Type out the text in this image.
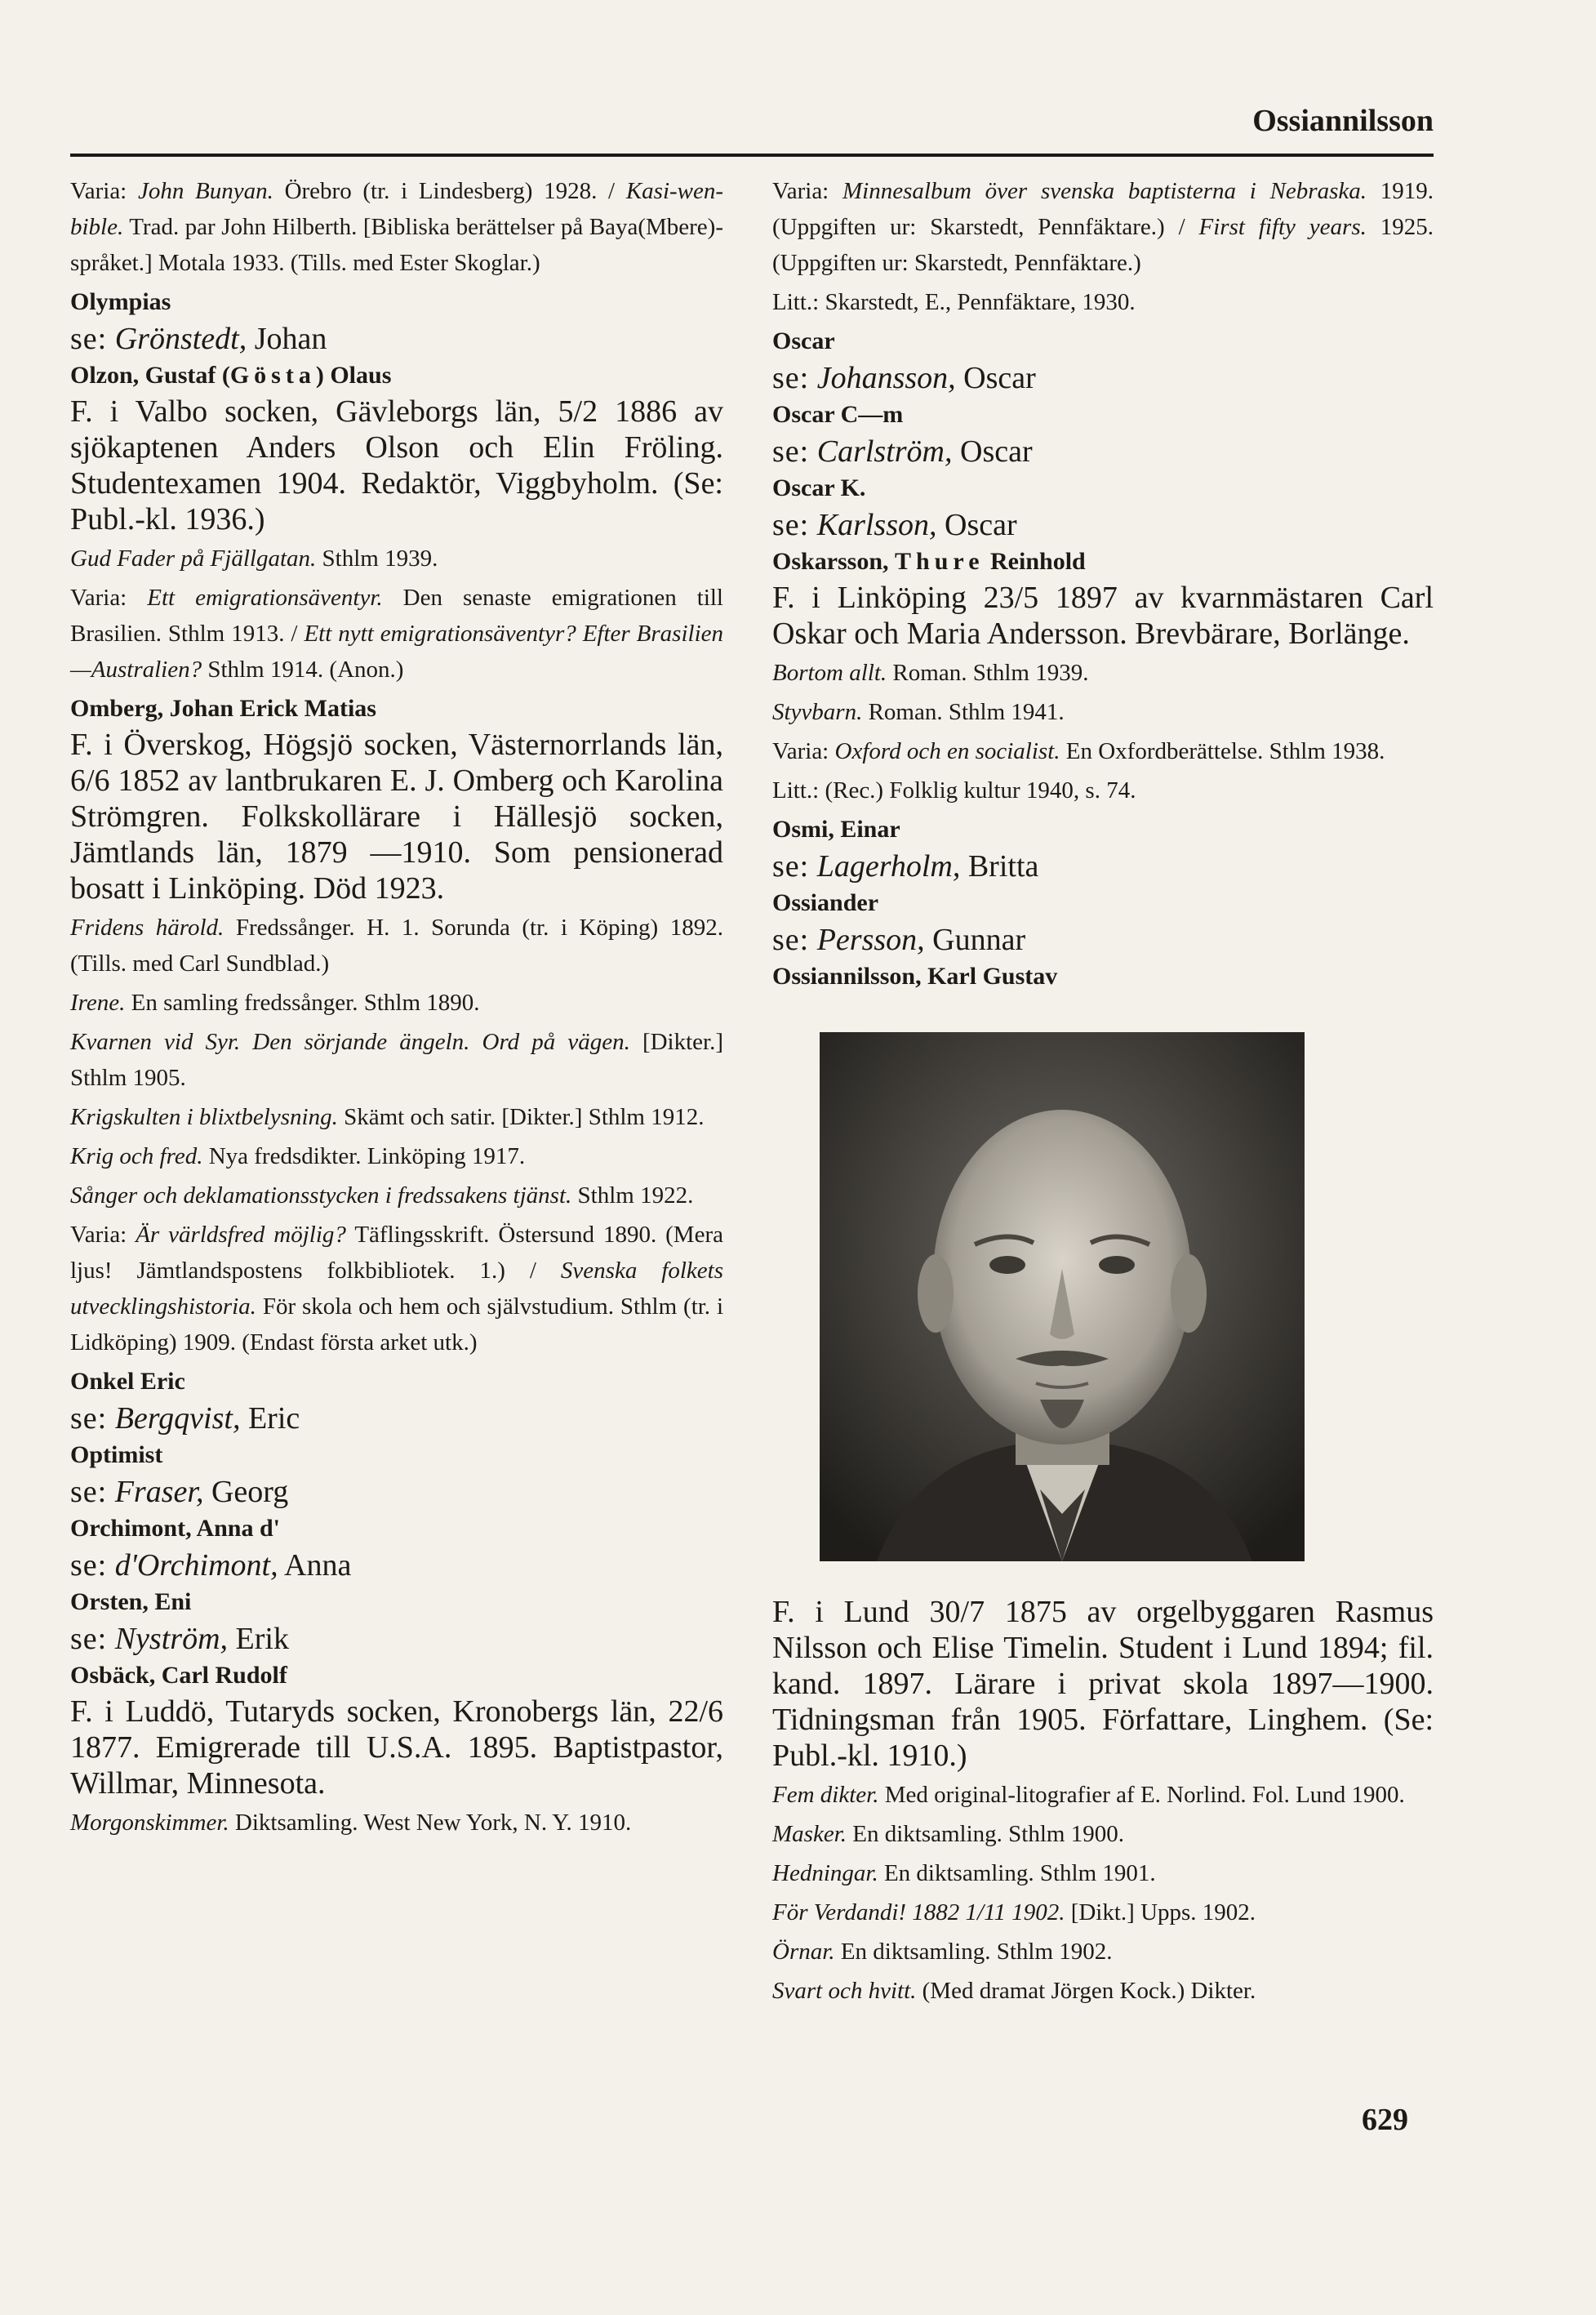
Ossiannilsson

Varia: John Bunyan. Örebro (tr. i Lindesberg) 1928. / Kasi-wen-bible. Trad. par John Hilberth. [Bibliska berättelser på Baya(Mbere)-språket.] Motala 1933. (Tills. med Ester Skoglar.)

Olympias

se: Grönstedt, Johan

Olzon, Gustaf (Gösta) Olaus

F. i Valbo socken, Gävleborgs län, 5/2 1886 av sjökaptenen Anders Olson och Elin Fröling. Studentexamen 1904. Redaktör, Viggbyholm. (Se: Publ.-kl. 1936.)

Gud Fader på Fjällgatan. Sthlm 1939.

Varia: Ett emigrationsäventyr. Den senaste emigrationen till Brasilien. Sthlm 1913. / Ett nytt emigrationsäventyr? Efter Brasilien—Australien? Sthlm 1914. (Anon.)

Omberg, Johan Erick Matias

F. i Överskog, Högsjö socken, Västernorrlands län, 6/6 1852 av lantbrukaren E. J. Omberg och Karolina Strömgren. Folkskollärare i Hällesjö socken, Jämtlands län, 1879 —1910. Som pensionerad bosatt i Linköping. Död 1923.

Fridens härold. Fredssånger. H. 1. Sorunda (tr. i Köping) 1892. (Tills. med Carl Sundblad.)

Irene. En samling fredssånger. Sthlm 1890.

Kvarnen vid Syr. Den sörjande ängeln. Ord på vägen. [Dikter.] Sthlm 1905.

Krigskulten i blixtbelysning. Skämt och satir. [Dikter.] Sthlm 1912.

Krig och fred. Nya fredsdikter. Linköping 1917.

Sånger och deklamationsstycken i fredssakens tjänst. Sthlm 1922.

Varia: Är världsfred möjlig? Täflingsskrift. Östersund 1890. (Mera ljus! Jämtlandspostens folkbibliotek. 1.) / Svenska folkets utvecklingshistoria. För skola och hem och självstudium. Sthlm (tr. i Lidköping) 1909. (Endast första arket utk.)

Onkel Eric

se: Bergqvist, Eric

Optimist

se: Fraser, Georg

Orchimont, Anna d'

se: d'Orchimont, Anna

Orsten, Eni

se: Nyström, Erik

Osbäck, Carl Rudolf

F. i Luddö, Tutaryds socken, Kronobergs län, 22/6 1877. Emigrerade till U.S.A. 1895. Baptistpastor, Willmar, Minnesota.

Morgonskimmer. Diktsamling. West New York, N. Y. 1910.

Varia: Minnesalbum över svenska baptisterna i Nebraska. 1919. (Uppgiften ur: Skarstedt, Pennfäktare.) / First fifty years. 1925. (Uppgiften ur: Skarstedt, Pennfäktare.)

Litt.: Skarstedt, E., Pennfäktare, 1930.

Oscar

se: Johansson, Oscar

Oscar C—m

se: Carlström, Oscar

Oscar K.

se: Karlsson, Oscar

Oskarsson, Thure Reinhold

F. i Linköping 23/5 1897 av kvarnmästaren Carl Oskar och Maria Andersson. Brevbärare, Borlänge.

Bortom allt. Roman. Sthlm 1939.

Styvbarn. Roman. Sthlm 1941.

Varia: Oxford och en socialist. En Oxfordberättelse. Sthlm 1938.

Litt.: (Rec.) Folklig kultur 1940, s. 74.

Osmi, Einar

se: Lagerholm, Britta

Ossiander

se: Persson, Gunnar

Ossiannilsson, Karl Gustav

F. i Lund 30/7 1875 av orgelbyggaren Rasmus Nilsson och Elise Timelin. Student i Lund 1894; fil. kand. 1897. Lärare i privat skola 1897—1900. Tidningsman från 1905. Författare, Linghem. (Se: Publ.-kl. 1910.)

Fem dikter. Med original-litografier af E. Norlind. Fol. Lund 1900.

Masker. En diktsamling. Sthlm 1900.

Hedningar. En diktsamling. Sthlm 1901.

För Verdandi! 1882 1/11 1902. [Dikt.] Upps. 1902.

Örnar. En diktsamling. Sthlm 1902.

Svart och hvitt. (Med dramat Jörgen Kock.) Dikter.

629
